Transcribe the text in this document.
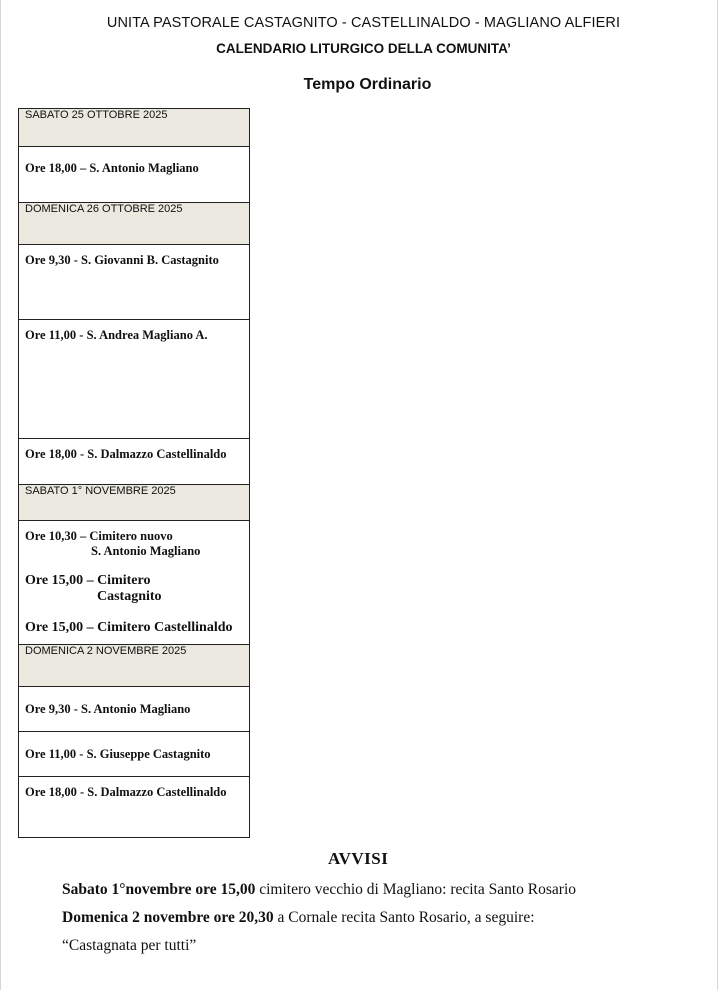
UNITA PASTORALE CASTAGNITO - CASTELLINALDO - MAGLIANO ALFIERI
CALENDARIO LITURGICO DELLA COMUNITA’
Tempo Ordinario
SABATO 25 OTTOBRE 2025
Ore 18,00 – S. Antonio Magliano
DOMENICA 26 OTTOBRE 2025
Ore 9,30 - S. Giovanni B. Castagnito
Ore 11,00 - S. Andrea Magliano A.
Ore 18,00 - S. Dalmazzo Castellinaldo
SABATO 1° NOVEMBRE 2025

Ore 10,30 – Cimitero nuovo
S. Antonio Magliano
Ore 15,00 – Cimitero
Castagnito
Ore 15,00 – Cimitero Castellinaldo

DOMENICA 2 NOVEMBRE 2025
Ore 9,30 - S. Antonio Magliano
Ore 11,00 - S. Giuseppe Castagnito
Ore 18,00 - S. Dalmazzo Castellinaldo
AVVISI
Sabato 1°novembre ore 15,00 cimitero vecchio di Magliano: recita Santo Rosario
Domenica 2 novembre ore 20,30 a Cornale recita Santo Rosario, a seguire:
“Castagnata per tutti”
